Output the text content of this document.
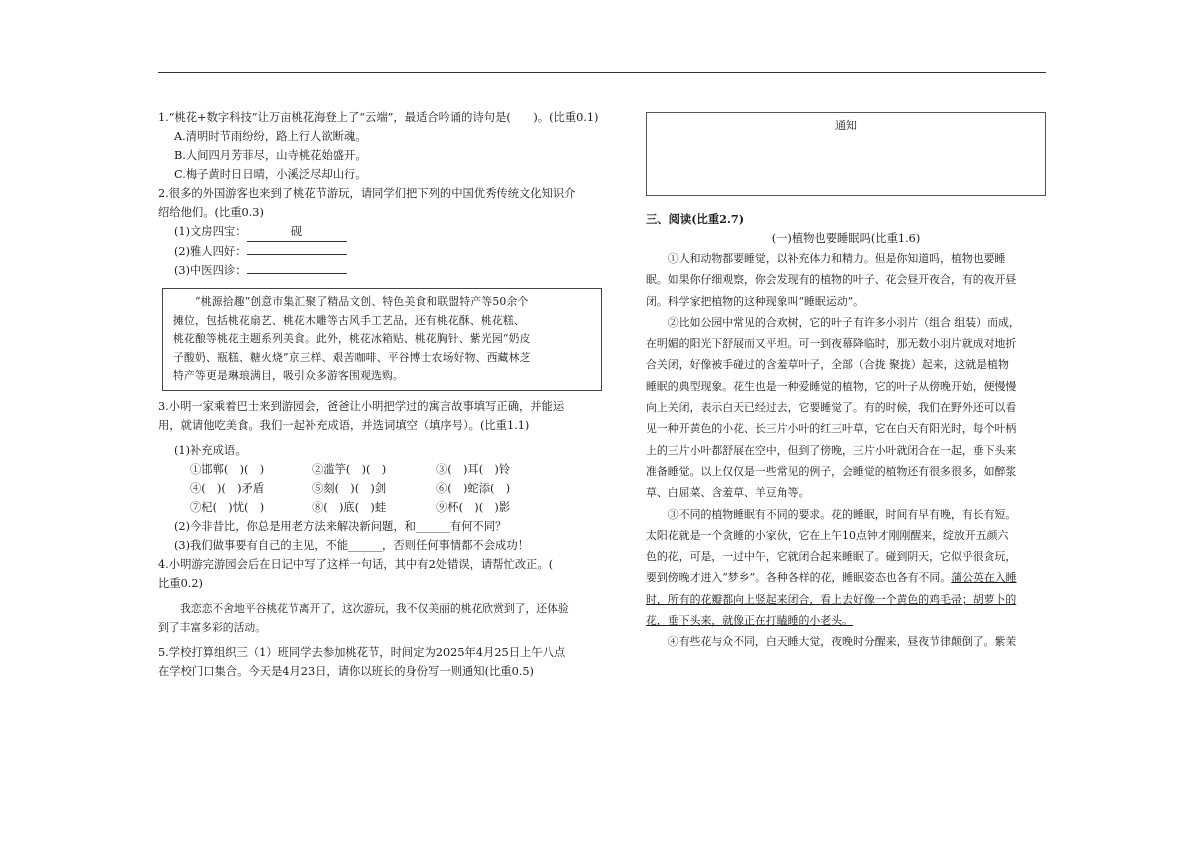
1.“桃花+数字科技”让万亩桃花海登上了“云端”，最适合吟诵的诗句是(　　)。(比重0.1)
A.清明时节雨纷纷，路上行人欲断魂。
B.人间四月芳菲尽，山寺桃花始盛开。
C.梅子黄时日日晴，小溪泛尽却山行。
2.很多的外国游客也来到了桃花节游玩，请同学们把下列的中国优秀传统文化知识介
绍给他们。(比重0.3)
(1)文房四宝：	砚
(2)雅人四好：
(3)中医四诊：
“桃源拾趣”创意市集汇聚了精品文创、特色美食和联盟特产等50余个
摊位，包括桃花扇艺、桃花木雕等古风手工艺品，还有桃花酥、桃花糕、
桃花酿等桃花主题系列美食。此外，桃花冰箱贴、桃花胸针、紫光园“奶皮
子酸奶、瓶糕、糖火烧”京三样、艰苦咖啡、平谷博士农场好物、西藏林芝
特产等更是琳琅满目，吸引众多游客围观选购。
3.小明一家乘着巴士来到游园会，爸爸让小明把学过的寓言故事填写正确，并能运
用，就请他吃美食。我们一起补充成语，并选词填空（填序号）。(比重1.1)
(1)补充成语。
①邯郸(　)(　)	②滥竽(　)(　)	③(　)耳(　)铃
④(　)(　)矛盾	⑤刻(　)(　)剑	⑥(　)蛇添(　)
⑦杞(　)忧(　)	⑧(　)底(　)蛙	⑨杯(　)(　)影
(2)今非昔比，你总是用老方法来解决新问题，和______有何不同？
(3)我们做事要有自己的主见，不能______，否则任何事情都不会成功！
4.小明游完游园会后在日记中写了这样一句话，其中有2处错误，请帮忙改正。(
比重0.2)
我恋恋不舍地平谷桃花节离开了，这次游玩，我不仅美丽的桃花欣赏到了，还体验
到了丰富多彩的活动。
5.学校打算组织三（1）班同学去参加桃花节，时间定为2025年4月25日上午八点
在学校门口集合。今天是4月23日，请你以班长的身份写一则通知(比重0.5)
通知
三、阅读(比重2.7)
(一)植物也要睡眠吗(比重1.6)
①人和动物都要睡觉，以补充体力和精力。但是你知道吗，植物也要睡
眠。如果你仔细观察，你会发现有的植物的叶子、花会昼开夜合，有的夜开昼
闭。科学家把植物的这种现象叫“睡眠运动”。
②比如公园中常见的合欢树，它的叶子有许多小羽片（组合 组装）而成，
在明媚的阳光下舒展而又平坦。可一到夜幕降临时，那无数小羽片就成对地折
合关闭，好像被手碰过的含羞草叶子，全部（合拢 聚拢）起来，这就是植物
睡眠的典型现象。花生也是一种爱睡觉的植物，它的叶子从傍晚开始，便慢慢
向上关闭，表示白天已经过去，它要睡觉了。有的时候，我们在野外还可以看
见一种开黄色的小花、长三片小叶的红三叶草，它在白天有阳光时，每个叶柄
上的三片小叶都舒展在空中，但到了傍晚，三片小叶就闭合在一起，垂下头来
准备睡觉。以上仅仅是一些常见的例子，会睡觉的植物还有很多很多，如醉浆
草、白屈菜、含羞草、羊豆角等。
③不同的植物睡眠有不同的要求。花的睡眠，时间有早有晚，有长有短。
太阳花就是一个贪睡的小家伙，它在上午10点钟才刚刚醒来，绽放开五颜六
色的花，可是，一过中午，它就闭合起来睡眠了。碰到阴天，它似乎很贪玩，
要到傍晚才进入“梦乡”。各种各样的花，睡眠姿态也各有不同。蒲公英在入睡
时，所有的花瓣都向上竖起来闭合，看上去好像一个黄色的鸡毛帚；胡萝卜的
花，垂下头来，就像正在打瞌睡的小老头。
④有些花与众不同，白天睡大觉，夜晚时分醒来，昼夜节律颠倒了。紫茉
